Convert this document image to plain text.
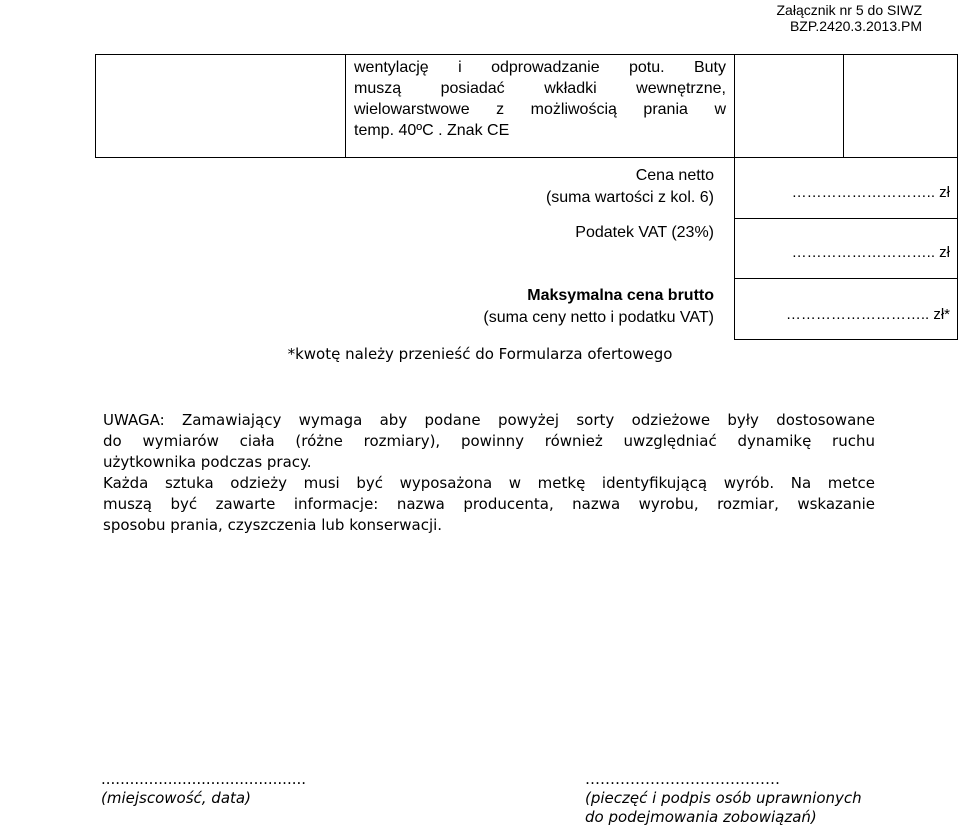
Załącznik nr 5 do SIWZ
BZP.2420.3.2013.PM
wentylację i odprowadzanie potu. Buty
muszą posiadać wkładki wewnętrzne,
wielowarstwowe z możliwością prania w
temp. 40ºC . Znak CE
Cena netto
(suma wartości z kol. 6)	……………………….. zł
Podatek VAT (23%)
……………………….. zł
Maksymalna cena brutto
(suma ceny netto i podatku VAT)	……………………….. zł*
*kwotę należy przenieść do Formularza ofertowego

UWAGA: Zamawiający wymaga aby podane powyżej sorty odzieżowe były dostosowane
do wymiarów ciała (różne rozmiary), powinny również uwzględniać dynamikę ruchu
użytkownika podczas pracy.

Każda sztuka odzieży musi być wyposażona w metkę identyfikującą wyrób. Na metce
muszą być zawarte informacje: nazwa producenta, nazwa wyrobu, rozmiar, wskazanie
sposobu prania, czyszczenia lub konserwacji.

...........................................
(miejscowość, data)
…………………………………
(pieczęć i podpis osób uprawnionych
do podejmowania zobowiązań)
